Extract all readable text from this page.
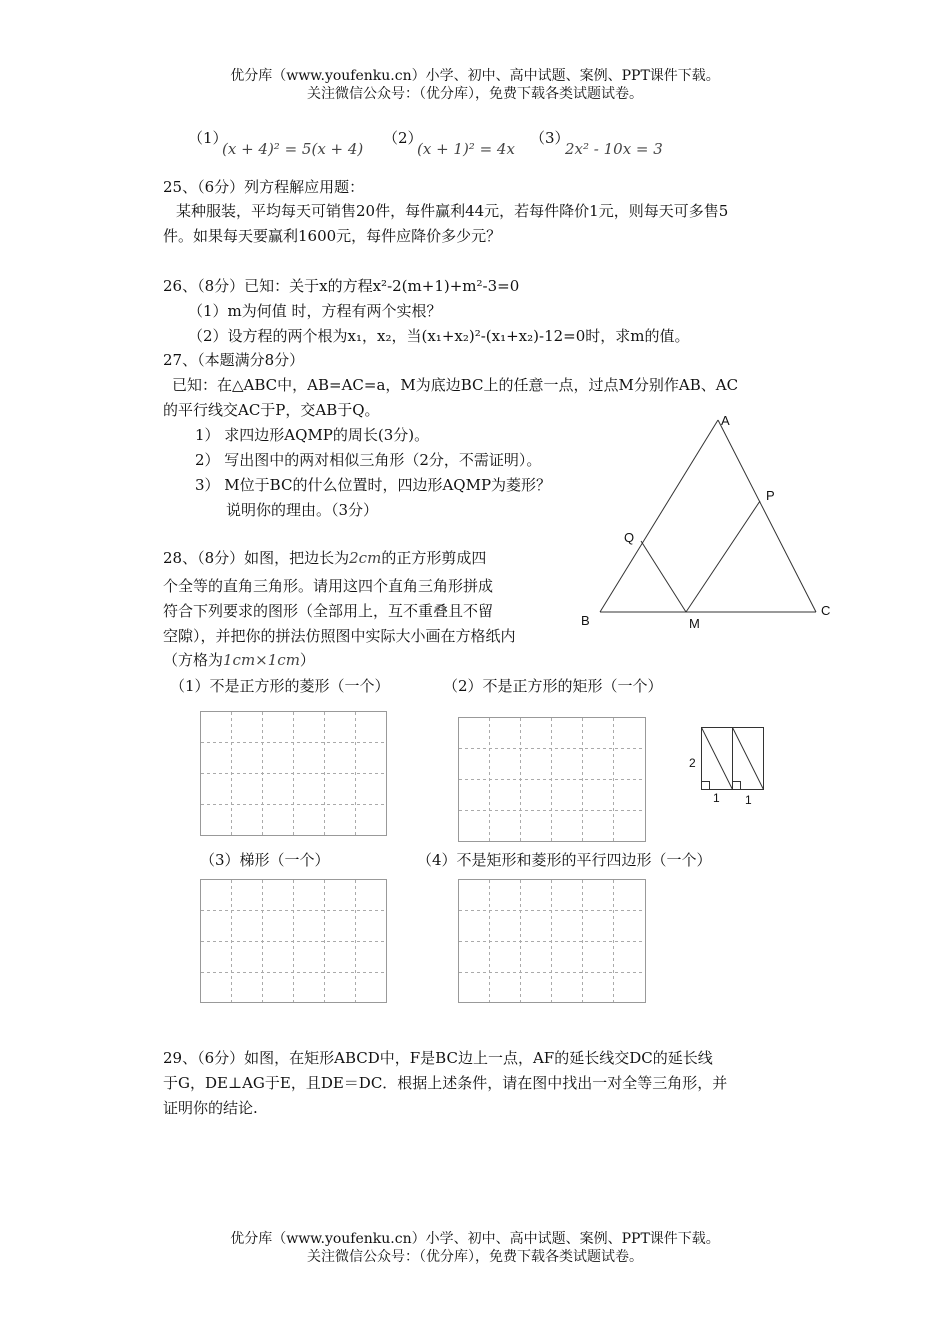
优分库（www.youfenku.cn）小学、初中、高中试题、案例、PPT课件下载。
关注微信公众号：（优分库），免费下载各类试题试卷。
（1）
(x + 4)² = 5(x + 4)
（2）
(x + 1)² = 4x
（3）
2x² - 10x = 3
25、（6分）列方程解应用题：
某种服装，平均每天可销售20件，每件赢利44元，若每件降价1元，则每天可多售5
件。如果每天要赢利1600元，每件应降价多少元？
26、（8分）已知：关于x的方程x²-2(m+1)+m²-3=0
（1）m为何值 时，方程有两个实根？
（2）设方程的两个根为x₁，x₂，当(x₁+x₂)²-(x₁+x₂)-12=0时，求m的值。
27、（本题满分8分）
已知：在△ABC中，AB=AC=a，M为底边BC上的任意一点，过点M分别作AB、AC
的平行线交AC于P，交AB于Q。
1） 求四边形AQMP的周长(3分)。
2） 写出图中的两对相似三角形（2分，不需证明）。
3） M位于BC的什么位置时，四边形AQMP为菱形？
说明你的理由。（3分）
A
B
C
M
P
Q
28、（8分）如图，把边长为2cm的正方形剪成四
个全等的直角三角形。请用这四个直角三角形拼成
符合下列要求的图形（全部用上，互不重叠且不留
空隙），并把你的拼法仿照图中实际大小画在方格纸内
（方格为1cm×1cm）
（1）不是正方形的菱形（一个）	（2）不是正方形的矩形（一个）
（3）梯形（一个）	（4）不是矩形和菱形的平行四边形（一个）
2
1 1
29、（6分）如图，在矩形ABCD中，F是BC边上一点，AF的延长线交DC的延长线
于G，DE⊥AG于E，且DE＝DC．根据上述条件，请在图中找出一对全等三角形，并
证明你的结论.
优分库（www.youfenku.cn）小学、初中、高中试题、案例、PPT课件下载。
关注微信公众号：（优分库），免费下载各类试题试卷。
